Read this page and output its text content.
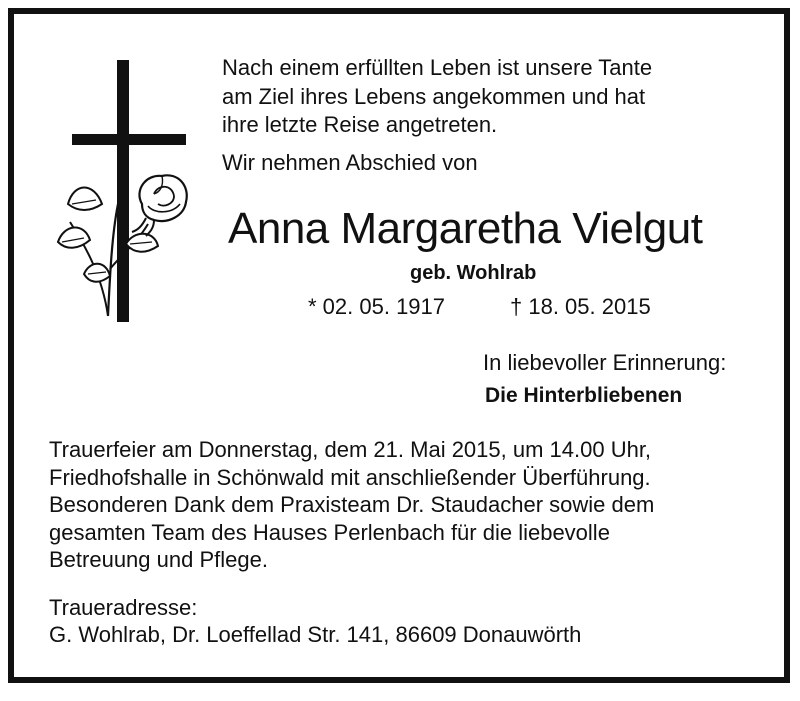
Nach einem erfüllten Leben ist unsere Tante
am Ziel ihres Lebens angekommen und hat
ihre letzte Reise angetreten.
Wir nehmen Abschied von
Anna Margaretha Vielgut
geb. Wohlrab
* 02. 05. 1917	† 18. 05. 2015
In liebevoller Erinnerung:
Die Hinterbliebenen
Trauerfeier am Donnerstag, dem 21. Mai 2015, um 14.00 Uhr,
Friedhofshalle in Schönwald mit anschließender Überführung.
Besonderen Dank dem Praxisteam Dr. Staudacher sowie dem
gesamten Team des Hauses Perlenbach für die liebevolle
Betreuung und Pflege.
Traueradresse:
G. Wohlrab, Dr. Loeffellad Str. 141, 86609 Donauwörth
